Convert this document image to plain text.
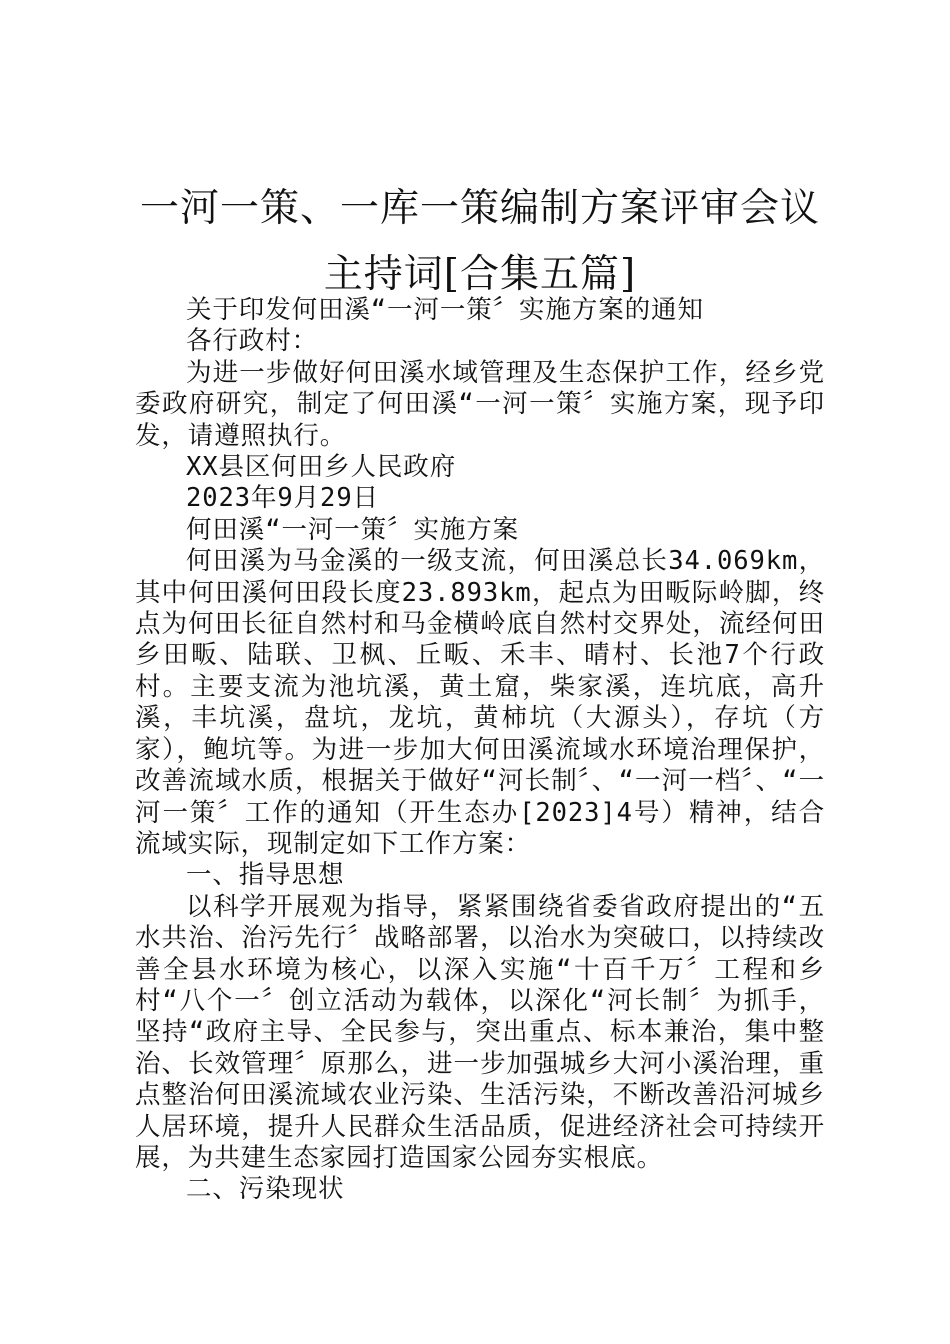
一河一策、一库一策编制方案评审会议主持词[合集五篇]

关于印发何田溪“一河一策〞实施方案的通知

各行政村：

为进一步做好何田溪水域管理及生态保护工作，经乡党委政府研究，制定了何田溪“一河一策〞实施方案，现予印发，请遵照执行。

XX县区何田乡人民政府

2023年9月29日

何田溪“一河一策〞实施方案

何田溪为马金溪的一级支流，何田溪总长34.069km，其中何田溪何田段长度23.893km，起点为田畈际岭脚，终点为何田长征自然村和马金横岭底自然村交界处，流经何田乡田畈、陆联、卫枫、丘畈、禾丰、晴村、长池7个行政村。主要支流为池坑溪，黄土窟，柴家溪，连坑底，高升溪，丰坑溪，盘坑，龙坑，黄柿坑（大源头），存坑（方家），鲍坑等。为进一步加大何田溪流域水环境治理保护，改善流域水质，根据关于做好“河长制〞、“一河一档〞、“一河一策〞工作的通知（开生态办[2023]4号）精神，结合流域实际，现制定如下工作方案：

一、指导思想

以科学开展观为指导，紧紧围绕省委省政府提出的“五水共治、治污先行〞战略部署，以治水为突破口，以持续改善全县水环境为核心，以深入实施“十百千万〞工程和乡村“八个一〞创立活动为载体，以深化“河长制〞为抓手，坚持“政府主导、全民参与，突出重点、标本兼治，集中整治、长效管理〞原那么，进一步加强城乡大河小溪治理，重点整治何田溪流域农业污染、生活污染，不断改善沿河城乡人居环境，提升人民群众生活品质，促进经济社会可持续开展，为共建生态家园打造国家公园夯实根底。

二、污染现状
